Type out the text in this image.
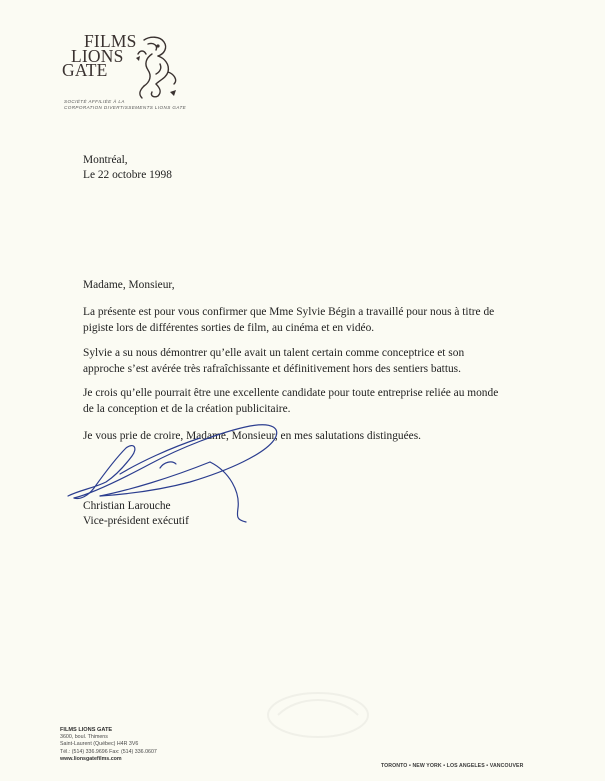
FILMS
LIONS
GATE
SOCIÉTÉ AFFILIÉE À LA
CORPORATION DIVERTISSEMENTS LIONS GATE
Montréal,
Le 22 octobre 1998
Madame, Monsieur,
La présente est pour vous confirmer que Mme Sylvie Bégin a travaillé pour nous à titre de
pigiste lors de différentes sorties de film, au cinéma et en vidéo.
Sylvie a su nous démontrer qu’elle avait un talent certain comme conceptrice et son
approche s’est avérée très rafraîchissante et définitivement hors des sentiers battus.
Je crois qu’elle pourrait être une excellente candidate pour toute entreprise reliée au monde
de la conception et de la création publicitaire.
Je vous prie de croire, Madame, Monsieur, en mes salutations distinguées.
Christian Larouche
Vice-président exécutif
FILMS LIONS GATE
3600, boul. Thimens
Saint-Laurent (Québec) H4R 3V6
Tél.: (514) 336.9696 Fax: (514) 336.0607
www.lionsgatefilms.com
TORONTO • NEW YORK • LOS ANGELES • VANCOUVER
